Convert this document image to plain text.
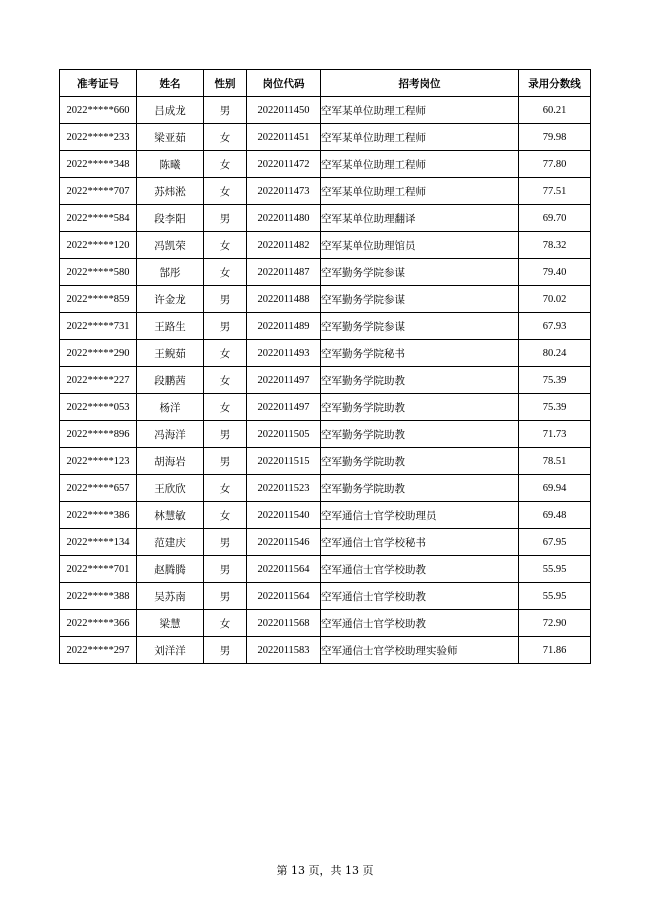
准考证号	姓名	性别	岗位代码	招考岗位	录用分数线
2022*****660	吕成龙	男	2022011450	空军某单位助理工程师	60.21
2022*****233	梁亚茹	女	2022011451	空军某单位助理工程师	79.98
2022*****348	陈曦	女	2022011472	空军某单位助理工程师	77.80
2022*****707	苏炜淞	女	2022011473	空军某单位助理工程师	77.51
2022*****584	段李阳	男	2022011480	空军某单位助理翻译	69.70
2022*****120	冯凯荣	女	2022011482	空军某单位助理馆员	78.32
2022*****580	郜彤	女	2022011487	空军勤务学院参谋	79.40
2022*****859	许金龙	男	2022011488	空军勤务学院参谋	70.02
2022*****731	王路生	男	2022011489	空军勤务学院参谋	67.93
2022*****290	王鲵茹	女	2022011493	空军勤务学院秘书	80.24
2022*****227	段鹏茜	女	2022011497	空军勤务学院助教	75.39
2022*****053	杨洋	女	2022011497	空军勤务学院助教	75.39
2022*****896	冯海洋	男	2022011505	空军勤务学院助教	71.73
2022*****123	胡海岩	男	2022011515	空军勤务学院助教	78.51
2022*****657	王欣欣	女	2022011523	空军勤务学院助教	69.94
2022*****386	林慧敏	女	2022011540	空军通信士官学校助理员	69.48
2022*****134	范建庆	男	2022011546	空军通信士官学校秘书	67.95
2022*****701	赵腾腾	男	2022011564	空军通信士官学校助教	55.95
2022*****388	吴苏南	男	2022011564	空军通信士官学校助教	55.95
2022*****366	梁慧	女	2022011568	空军通信士官学校助教	72.90
2022*****297	刘洋洋	男	2022011583	空军通信士官学校助理实验师	71.86
第 13 页，共 13 页
